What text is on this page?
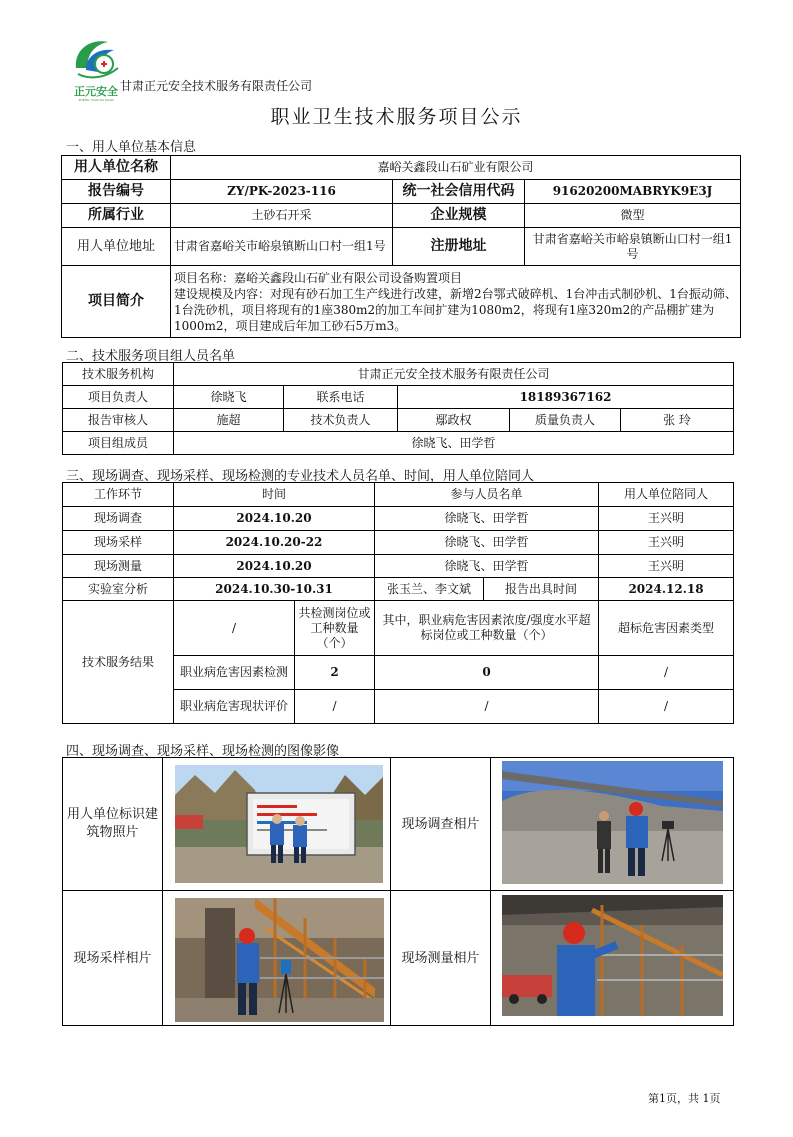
正元安全
ZHENG YUAN AN QUAN
甘肃正元安全技术服务有限责任公司
职业卫生技术服务项目公示
一、用人单位基本信息
用人单位名称	嘉峪关鑫段山石矿业有限公司		
报告编号	ZY/PK-2023-116	统一社会信用代码	91620200MABRYK9E3J
所属行业	土砂石开采	企业规模	微型
用人单位地址	甘肃省嘉峪关市峪泉镇断山口村一组1号	注册地址	甘肃省嘉峪关市峪泉镇断山口村一组1号
项目简介	项目名称：嘉峪关鑫段山石矿业有限公司设备购置项目
建设规模及内容：对现有砂石加工生产线进行改建，新增2台鄂式破碎机、1台冲击式制砂机、1台振动筛、1台洗砂机，项目将现有的1座380m2的加工车间扩建为1080m2，将现有1座320m2的产品棚扩建为1000m2，项目建成后年加工砂石5万m3。		
二、技术服务项目组人员名单
技术服务机构	甘肃正元安全技术服务有限责任公司				
项目负责人	徐晓飞	联系电话	18189367162		
报告审核人	施超	技术负责人	鄢政权	质量负责人	张 玲
项目组成员	徐晓飞、田学哲				
三、现场调查、现场采样、现场检测的专业技术人员名单、时间，用人单位陪同人
工作环节	时间		参与人员名单		用人单位陪同人
现场调查	2024.10.20		徐晓飞、田学哲		王兴明
现场采样	2024.10.20-22		徐晓飞、田学哲		王兴明
现场测量	2024.10.20		徐晓飞、田学哲		王兴明
实验室分析	2024.10.30-10.31		张玉兰、李文斌	报告出具时间	2024.12.18
技术服务结果	/	共检测岗位或工种数量（个）	其中，职业病危害因素浓度/强度水平超标岗位或工种数量（个）		超标危害因素类型
	职业病危害因素检测	2	0		/
	职业病危害现状评价	/	/		/
四、现场调查、现场采样、现场检测的图像影像
用人单位标识建筑物照片		现场调查相片	
现场采样相片		现场测量相片	
第1页，共 1页
